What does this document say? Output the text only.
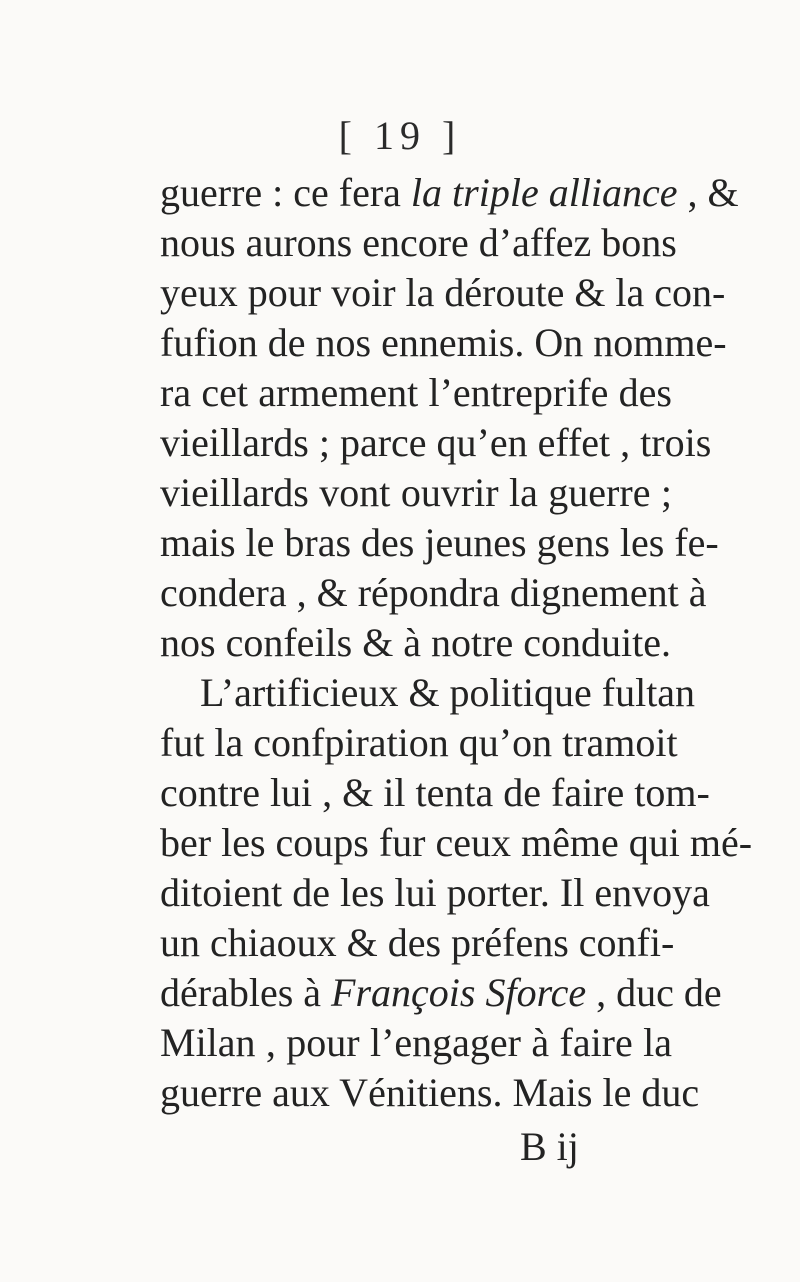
[ 19 ]
guerre : ce fera la triple alliance , &
nous aurons encore d’affez bons
yeux pour voir la déroute & la con-
fufion de nos ennemis. On nomme-
ra cet armement l’entreprife des
vieillards ; parce qu’en effet , trois
vieillards vont ouvrir la guerre ;
mais le bras des jeunes gens les fe-
condera , & répondra dignement à
nos confeils & à notre conduite.
L’artificieux & politique fultan
fut la confpiration qu’on tramoit
contre lui , & il tenta de faire tom-
ber les coups fur ceux même qui mé-
ditoient de les lui porter. Il envoya
un chiaoux & des préfens confi-
dérables à François Sforce , duc de
Milan , pour l’engager à faire la
guerre aux Vénitiens. Mais le duc
B ij
